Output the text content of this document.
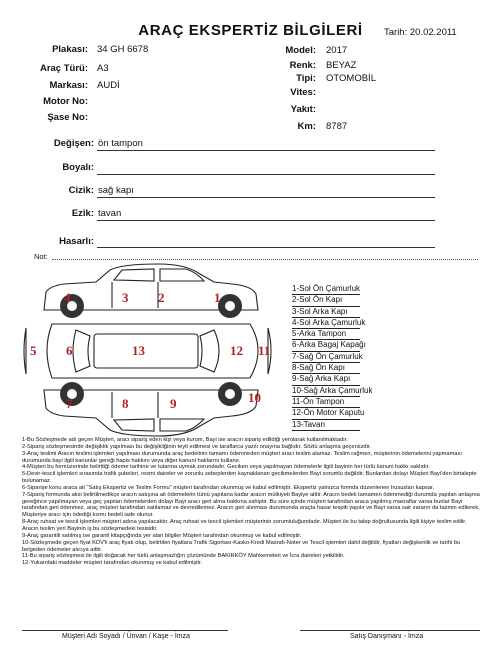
ARAÇ EKSPERTİZ BİLGİLERİ	Tarih: 20.02.2011
Plakası: 34 GH 6678
Araç Türü: A3
Markası: AUDİ
Motor No:
Şase No:
Model: 2017
Renk: BEYAZ
Tipi: OTOMOBİL
Vites:
Yakıt:
Km: 8787
Değişen: ön tampon
Boyalı:
Cizik: sağ kapı
Ezik: tavan
Hasarlı:
Not:
4	3 2	1
5 6	13	12 11
7	8	9	10
1-Sol Ön Çamurluk
2-Sol Ön Kapı
3-Sol Arka Kapı
4-Sol Arka Çamurluk
5-Arka Tampon
6-Arka Bagaj Kapağı
7-Sağ Ön Çamurluk
8-Sağ Ön Kapı
9-Sağ Arka Kapı
10-Sağ Arka Çamurluk
11-Ön Tampon
12-Ön Motor Kaputu
13-Tavan

1-Bu Sözleşmede adı geçen Müşteri, aracı sipariş eden kişi veya kurum, Bayi ise aracın sipariş edildiği yerolarak kullanılmaktadır.

2-Sipariş sözleşmesinde değişiklik yapılması bu değişikliğinin teyit edilmesi ve taraflarca yazılı onayına bağlıdır. Sözlü anlaşma geçersizdir.

3-Araç teslimi Aracın teslimi işlemleri yapılması durumunda araç bedelinin tamamı ödenmeden müşteri aracı teslim alamaz. Teslim rağmen, müşterinin ödemelerini yapmaması durumunda bayi ilgili kanunlar gereği hapis hakkını veya diğer kanuni haklarını kullanır.

4-Müşteri bu formüzerinde belirttiği ödeme tarihine ve tutarına uymak zorundadır. Geciken veya yapılmayan ödemelerle ilgili bayinin her türlü kanuni hakkı saklıdır.

5-Devir-tescil işlemleri sırasında trafik şubeleri, resmi daireler ve zorunlu sebeplerden kaynaklanan gecikmelerden Bayi sorumlu değildir. Bunlardan dolayı Müşteri Bayi'den birtalepte bulunamaz.

6-Siparişe konu araca ait "Satış Ekspertiz ve Teslim Formu" müşteri tarafından okunmuş ve kabul edilmiştir. Ekspertiz yalnızca formda düzenlenen hususları kapsar.

7-Sipariş formunda aksi belirtilmedikçe aracın satışına ait ödemelerin tümü yapılana kadar aracın mülkiyeti Bayiye aittir. Aracın bedeli tamamen ödenmediği durumda yapılan anlaşma gereğince yapılmayan veya geç yapılan ödemelerden dolayı Bayi aracı geri alma hakkına sahiptir. Bu süre içinde müşteri tarafından araca yapılmış masraflar varsa bunlar Bayi tarafından geri ödenmez, araç müşteri tarafından satılamaz ve devredilemez. Aracın geri alınması durumunda araçta hasar tespiti yapılır ve Bayi varsa sair zararın da tazmin edilerek, Müşteriye aracı için ödediği kısmı bedeli iade olunur.

8-Araç ruhsat ve tescil işlemleri müşteri adına yapılacaktır. Araç ruhsat ve tescil işlemleri müşterinin sorumluluğundadır. Müşteri ile bu talep doğrultusunda ilgili kişiye teslim edilir. Aracın teslim yeri Bayinin iş bu sözleşmedeki tesisidir.

9-Araç garantili satılmış ise garanti kitapçığında yer alan bilgiler Müşteri tarafından okunmuş ve kabul edilmiştir.

10-Sözleşmede geçen fiyat KDV'li araç fiyatı olup, belirtilen fiyatlara Trafik Sigortası-Kasko-Kredi Masrafı-Noter ve Tescil işlemleri dahil değildir, fiyatları değişkenlik ve tarihi bu belgeden ödemeler alıcıya aittir.

11-Bu sipariş sözleşmesi ile ilgili doğacak her türlü anlaşmazlığın çözümünde BAKIRKÖY Mahkemeleri ve İcra daireleri yetkilidir.

12-Yukarıdaki maddeler müşteri tarafından okunmuş ve kabul edilmiştir.

Müşteri Adı Soyadı / Ünvan / Kaşe - İmza	Satış Danışmanı - İmza
